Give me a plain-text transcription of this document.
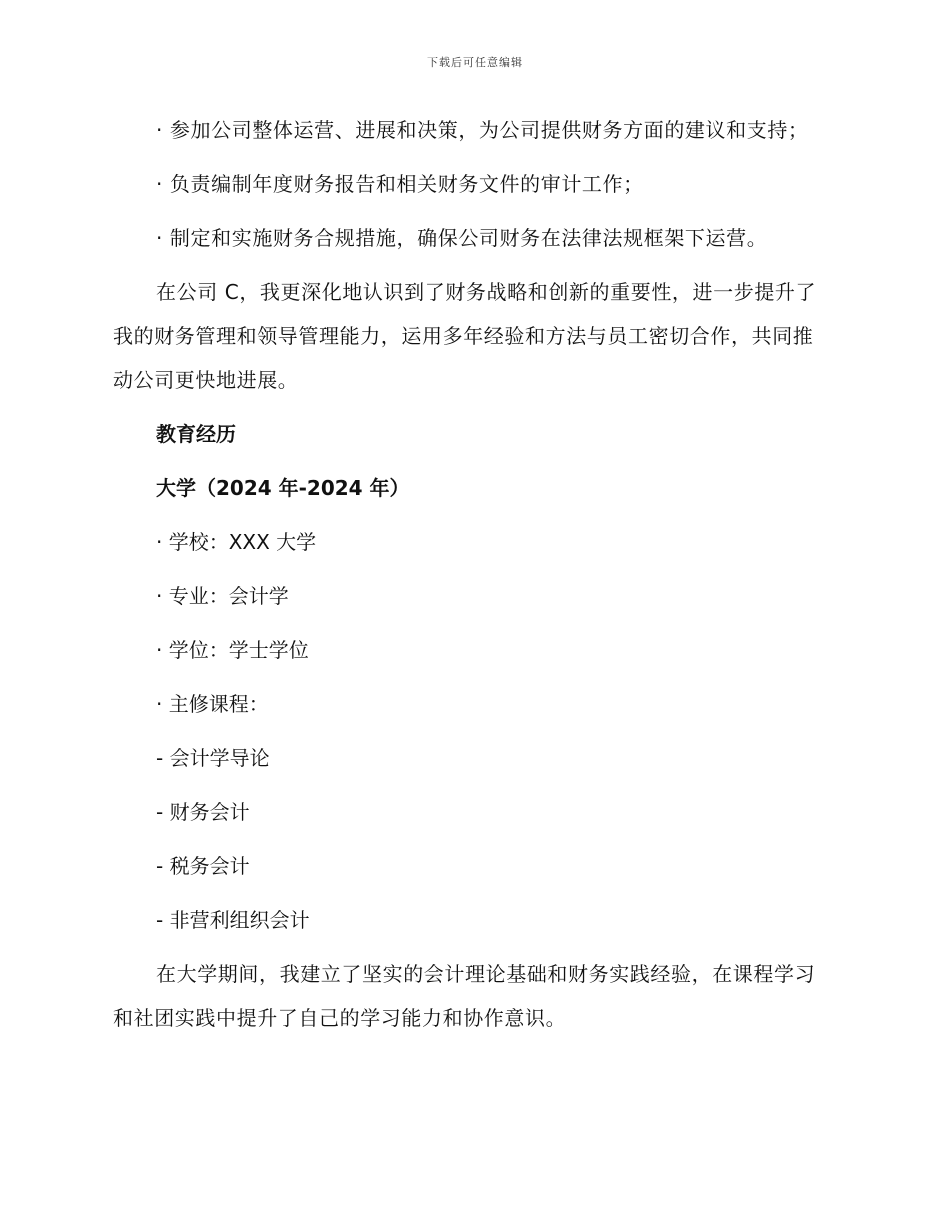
下载后可任意编辑

· 参加公司整体运营、进展和决策，为公司提供财务方面的建议和支持；

· 负责编制年度财务报告和相关财务文件的审计工作；

· 制定和实施财务合规措施，确保公司财务在法律法规框架下运营。

在公司 C，我更深化地认识到了财务战略和创新的重要性，进一步提升了我的财务管理和领导管理能力，运用多年经验和方法与员工密切合作，共同推动公司更快地进展。

教育经历

大学（2024 年-2024 年）

· 学校：XXX 大学

· 专业：会计学

· 学位：学士学位

· 主修课程：

- 会计学导论

- 财务会计

- 税务会计

- 非营利组织会计

在大学期间，我建立了坚实的会计理论基础和财务实践经验，在课程学习和社团实践中提升了自己的学习能力和协作意识。
